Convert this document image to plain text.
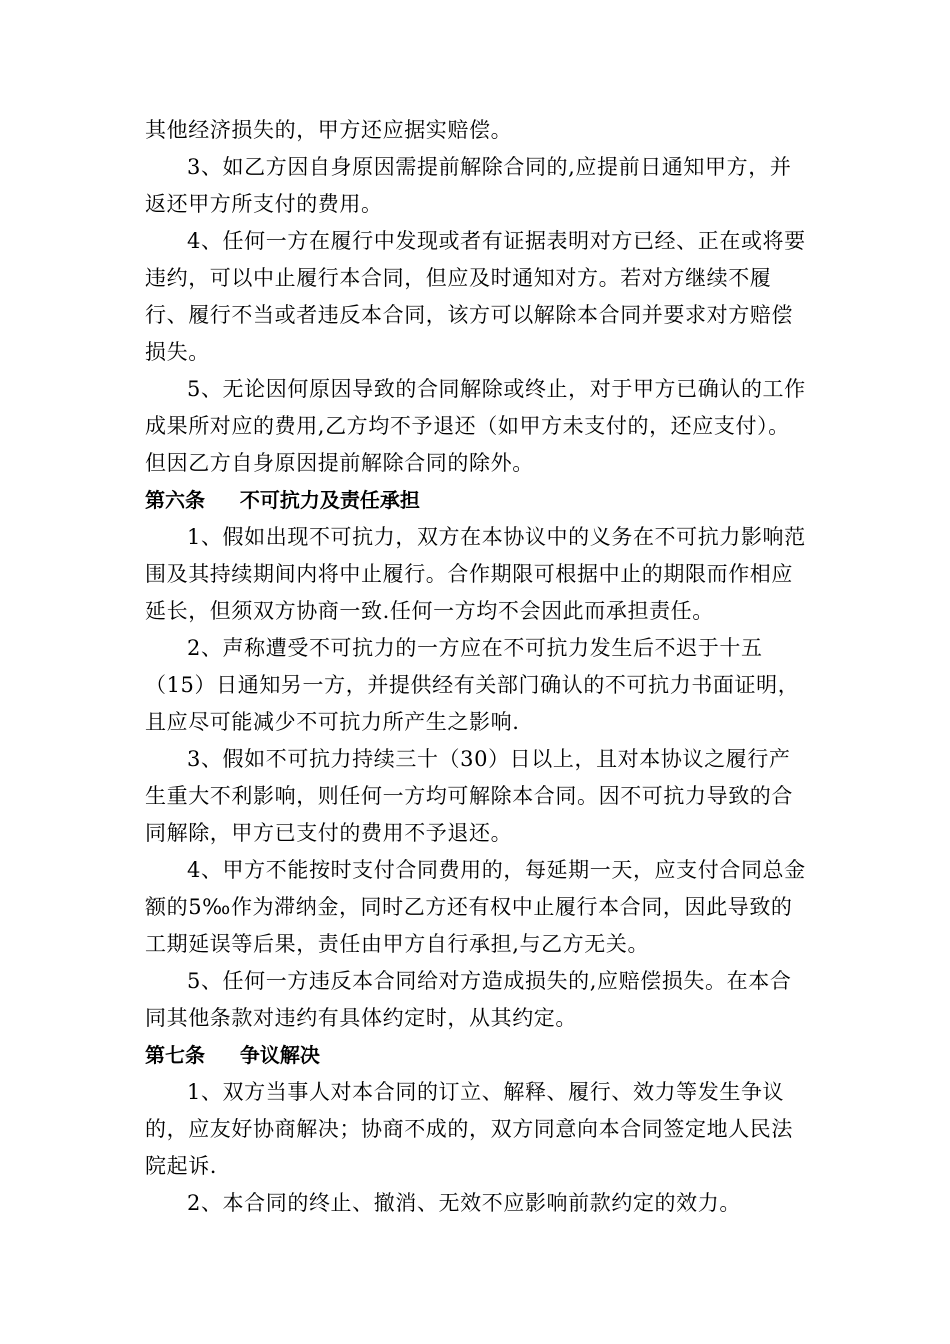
其他经济损失的，甲方还应据实赔偿。

3、如乙方因自身原因需提前解除合同的,应提前日通知甲方，并返还甲方所支付的费用。

4、任何一方在履行中发现或者有证据表明对方已经、正在或将要违约，可以中止履行本合同，但应及时通知对方。若对方继续不履行、履行不当或者违反本合同，该方可以解除本合同并要求对方赔偿损失。

5、无论因何原因导致的合同解除或终止，对于甲方已确认的工作成果所对应的费用,乙方均不予退还（如甲方未支付的，还应支付）。但因乙方自身原因提前解除合同的除外。

第六条     不可抗力及责任承担

1、假如出现不可抗力，双方在本协议中的义务在不可抗力影响范围及其持续期间内将中止履行。合作期限可根据中止的期限而作相应延长，但须双方协商一致.任何一方均不会因此而承担责任。

2、声称遭受不可抗力的一方应在不可抗力发生后不迟于十五（15）日通知另一方，并提供经有关部门确认的不可抗力书面证明，且应尽可能减少不可抗力所产生之影响.

3、假如不可抗力持续三十（30）日以上，且对本协议之履行产生重大不利影响，则任何一方均可解除本合同。因不可抗力导致的合同解除，甲方已支付的费用不予退还。

4、甲方不能按时支付合同费用的，每延期一天，应支付合同总金额的5‰作为滞纳金，同时乙方还有权中止履行本合同，因此导致的工期延误等后果，责任由甲方自行承担,与乙方无关。

5、任何一方违反本合同给对方造成损失的,应赔偿损失。在本合同其他条款对违约有具体约定时，从其约定。

第七条     争议解决

1、双方当事人对本合同的订立、解释、履行、效力等发生争议的，应友好协商解决；协商不成的，双方同意向本合同签定地人民法院起诉.

2、本合同的终止、撤消、无效不应影响前款约定的效力。
